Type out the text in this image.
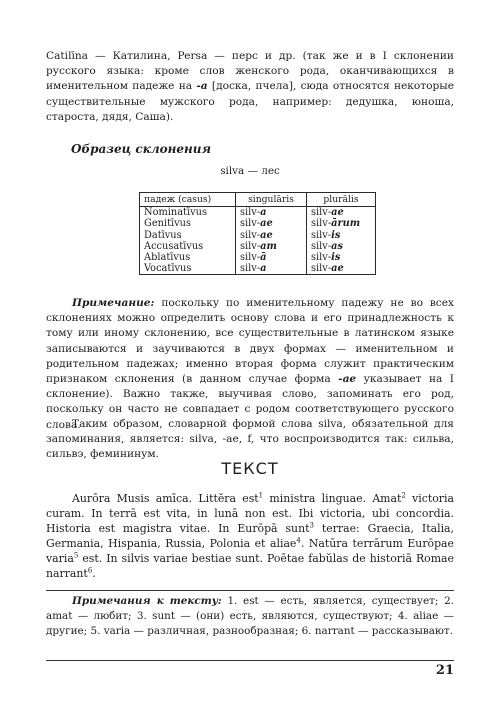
Catilīna — Катилина, Persa — перс и др. (так же и в I склонении русского языка: кроме слов женского рода, оканчивающихся в именительном падеже на -а [доска, пчела], сюда относятся некоторые существительные мужского рода, например: дедушка, юноша, староста, дядя, Саша).

Образец склонения
silva — лес
падеж (casus)	singulāris	plurālis
Nominatīvus	silv-a	silv-ae
Genitīvus	silv-ae	silv-ārum
Datīvus	silv-ae	silv-is
Accusatīvus	silv-am	silv-as
Ablatīvus	silv-ā	silv-is
Vocatīvus	silv-a	silv-ae

Примечание: поскольку по именительному падежу не во всех склонениях можно определить основу слова и его принадлежность к тому или иному склонению, все существительные в латинском языке записываются и заучиваются в двух формах — именительном и родительном падежах; именно вторая форма служит практическим признаком склонения (в данном случае форма -ae указывает на I склонение). Важно также, выучивая слово, запоминать его род, поскольку он часто не совпадает с родом соответствующего русского слова.

Таким образом, словарной формой слова silva, обязательной для запоминания, является: silva, -ae, f, что воспроизводится так: сильва, сильвэ, фемининум.

ТЕКСТ

Aurōra Musis amīca. Littĕra est$^1$ ministra linguae. Amat$^2$ victoria curam. In terrā est vita, in lunā non est. Ibi victoria, ubi concordia. Historia est magistra vitae. In Eurōpā sunt$^3$ terrae: Graecia, Italia, Germania, Hispania, Russia, Polonia et aliae$^4$. Natūra terrārum Eurōpae varia$^5$ est. In silvis variae bestiae sunt. Poētae fabŭlas de historiā Romae narrant$^6$.

Примечания к тексту: 1. est — есть, является, существует; 2. amat — любит; 3. sunt — (они) есть, являются, существуют; 4. aliae — другие; 5. varia — различная, разнообразная; 6. narrant — рассказывают.

21
